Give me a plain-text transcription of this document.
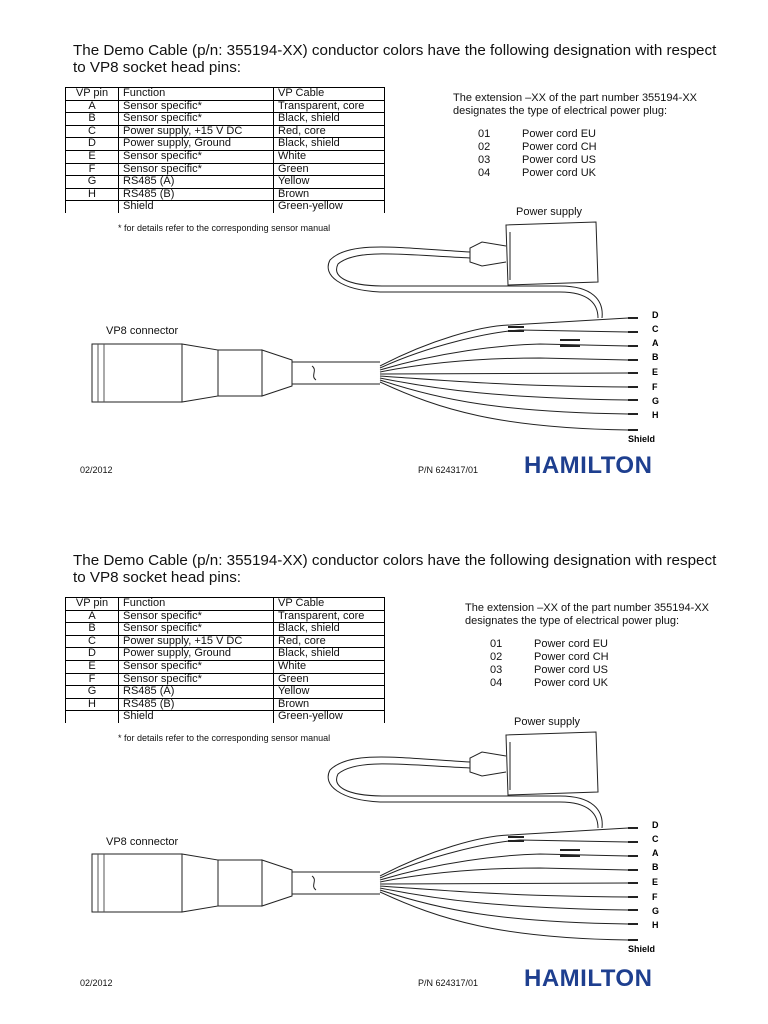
The Demo Cable (p/n: 355194-XX) conductor colors have the following designation with respect to VP8 socket head pins:
VP pin	Function	VP Cable
A	Sensor specific*	Transparent, core
B	Sensor specific*	Black, shield
C	Power supply, +15 V DC	Red, core
D	Power supply, Ground	Black, shield
E	Sensor specific*	White
F	Sensor specific*	Green
G	RS485 (A)	Yellow
H	RS485 (B)	Brown
	Shield	Green-yellow
* for details refer to the corresponding sensor manual
The extension –XX of the part number 355194-XX designates the type of electrical power plug:
01	Power cord EU
02	Power cord CH
03	Power cord US
04	Power cord UK
D
C
A
B
E
F
G
H
Shield
Power supply
VP8 connector
02/2012	P/N 624317/01 HAMILTON
The Demo Cable (p/n: 355194-XX) conductor colors have the following designation with respect to VP8 socket head pins:
VP pin	Function	VP Cable
A	Sensor specific*	Transparent, core
B	Sensor specific*	Black, shield
C	Power supply, +15 V DC	Red, core
D	Power supply, Ground	Black, shield
E	Sensor specific*	White
F	Sensor specific*	Green
G	RS485 (A)	Yellow
H	RS485 (B)	Brown
	Shield	Green-yellow
* for details refer to the corresponding sensor manual
The extension –XX of the part number 355194-XX designates the type of electrical power plug:
01	Power cord EU
02	Power cord CH
03	Power cord US
04	Power cord UK
D
C
A
B
E
F
G
H
Shield
Power supply
VP8 connector
02/2012	P/N 624317/01 HAMILTON
